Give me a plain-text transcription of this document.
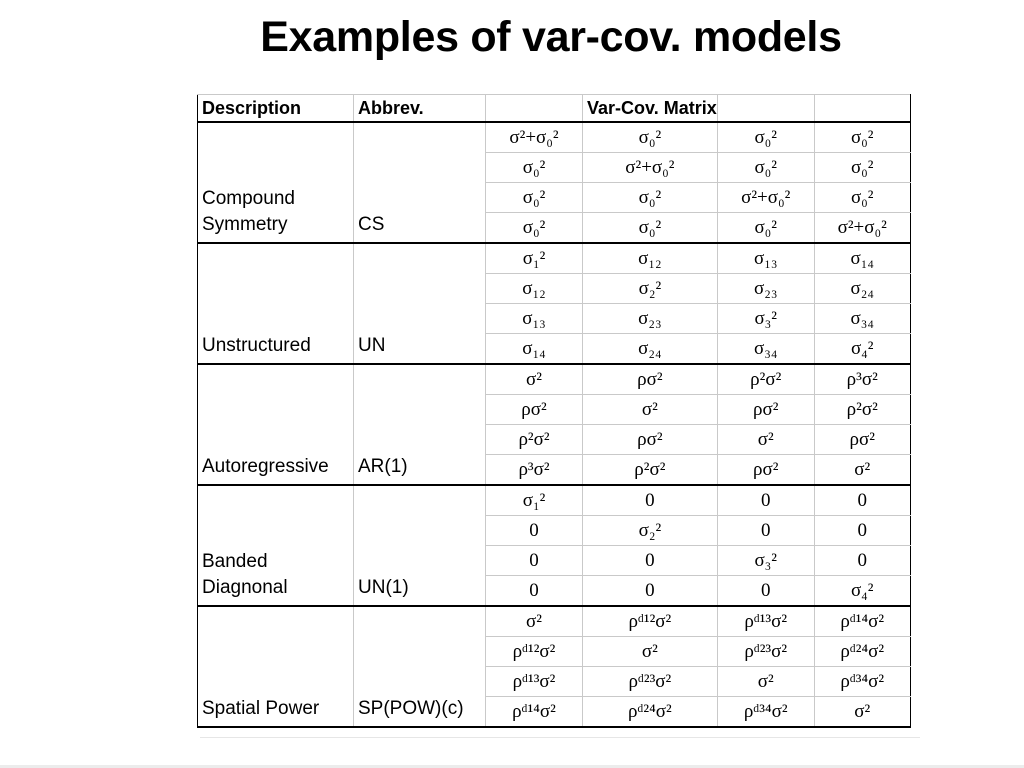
Examples of var-cov. models
Description	Abbrev.		Var-Cov. Matrix		
Compound Symmetry	CS	σ²+σ₀²	σ₀²	σ₀²	σ₀²
		σ₀²	σ²+σ₀²	σ₀²	σ₀²
		σ₀²	σ₀²	σ²+σ₀²	σ₀²
		σ₀²	σ₀²	σ₀²	σ²+σ₀²
Unstructured	UN	σ₁²	σ₁₂	σ₁₃	σ₁₄
		σ₁₂	σ₂²	σ₂₃	σ₂₄
		σ₁₃	σ₂₃	σ₃²	σ₃₄
		σ₁₄	σ₂₄	σ₃₄	σ₄²
Autoregressive	AR(1)	σ²	ρσ²	ρ²σ²	ρ³σ²
		ρσ²	σ²	ρσ²	ρ²σ²
		ρ²σ²	ρσ²	σ²	ρσ²
		ρ³σ²	ρ²σ²	ρσ²	σ²
Banded Diagnonal	UN(1)	σ₁²	0	0	0
		0	σ₂²	0	0
		0	0	σ₃²	0
		0	0	0	σ₄²
Spatial Power	SP(POW)(c)	σ²	ρᵈ¹²σ²	ρᵈ¹³σ²	ρᵈ¹⁴σ²
		ρᵈ¹²σ²	σ²	ρᵈ²³σ²	ρᵈ²⁴σ²
		ρᵈ¹³σ²	ρᵈ²³σ²	σ²	ρᵈ³⁴σ²
		ρᵈ¹⁴σ²	ρᵈ²⁴σ²	ρᵈ³⁴σ²	σ²
